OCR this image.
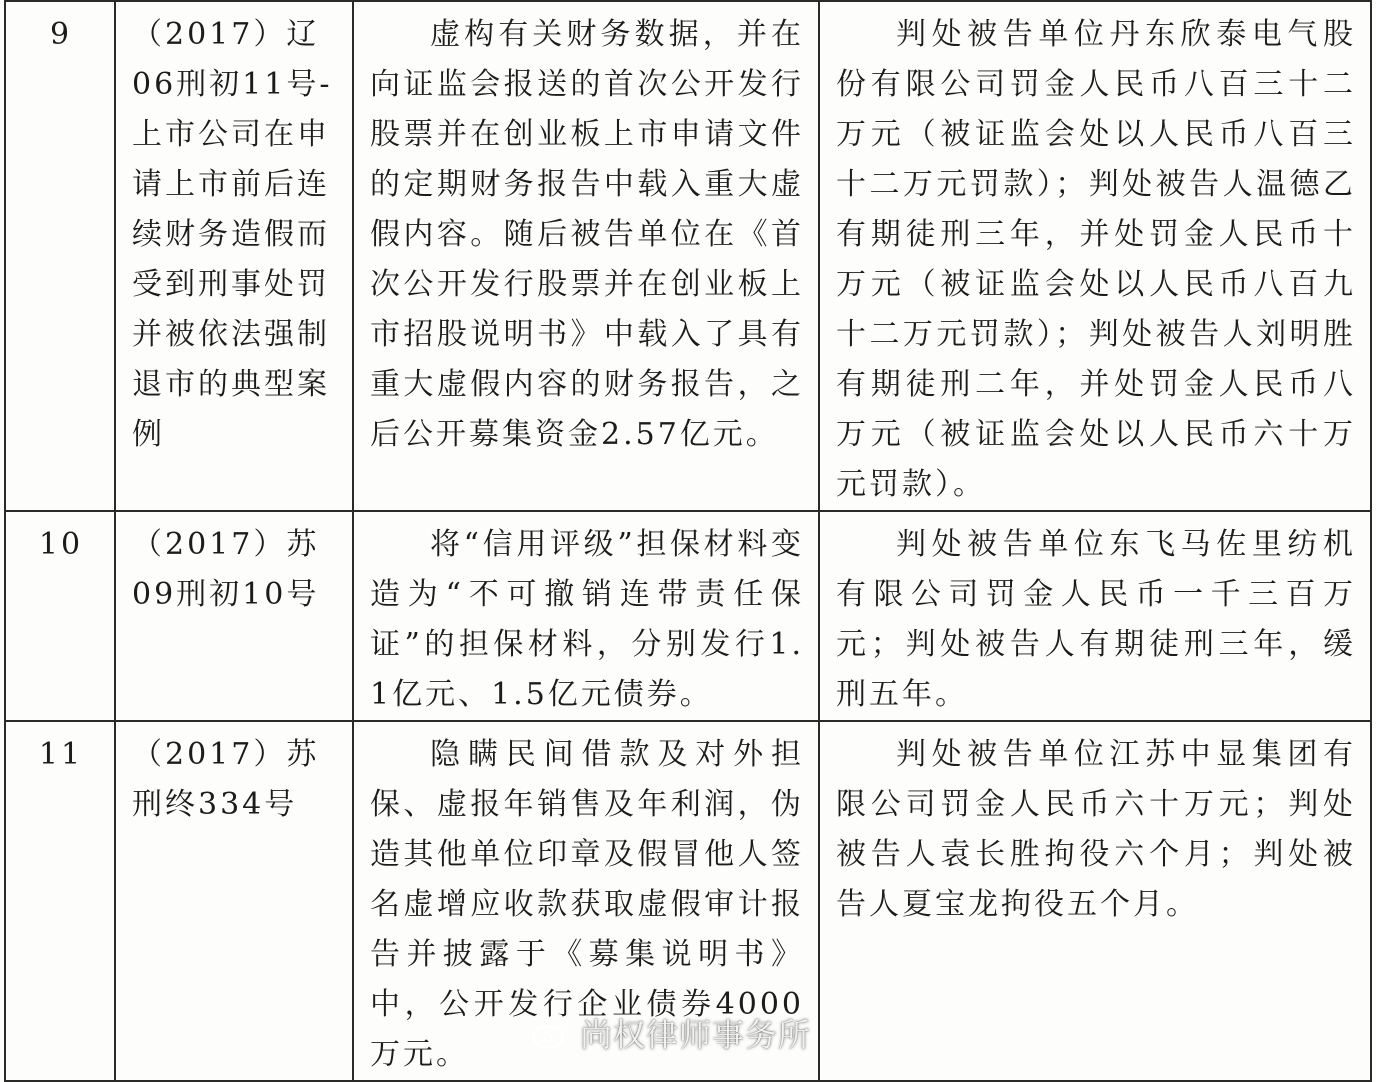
9	（2017）辽06刑初11号-上市公司在申请上市前后连续财务造假而受到刑事处罚并被依法强制退市的典型案例	虚构有关财务数据，并在向证监会报送的首次公开发行股票并在创业板上市申请文件的定期财务报告中载入重大虚假内容。随后被告单位在《首次公开发行股票并在创业板上市招股说明书》中载入了具有重大虚假内容的财务报告，之后公开募集资金2.57亿元。	判处被告单位丹东欣泰电气股份有限公司罚金人民币八百三十二万元（被证监会处以人民币八百三十二万元罚款）；判处被告人温德乙有期徒刑三年，并处罚金人民币十万元（被证监会处以人民币八百九十二万元罚款）；判处被告人刘明胜有期徒刑二年，并处罚金人民币八万元（被证监会处以人民币六十万元罚款）。
10	（2017）苏09刑初10号	将“信用评级”担保材料变造为“不可撤销连带责任保证”的担保材料，分别发行1.1亿元、1.5亿元债券。	判处被告单位东飞马佐里纺机有限公司罚金人民币一千三百万元；判处被告人有期徒刑三年，缓刑五年。
11	（2017）苏刑终334号	隐瞒民间借款及对外担保、虚报年销售及年利润，伪造其他单位印章及假冒他人签名虚增应收款获取虚假审计报告并披露于《募集说明书》中，公开发行企业债券4000万元。	判处被告单位江苏中显集团有限公司罚金人民币六十万元；判处被告人袁长胜拘役六个月；判处被告人夏宝龙拘役五个月。
尚权律师事务所
